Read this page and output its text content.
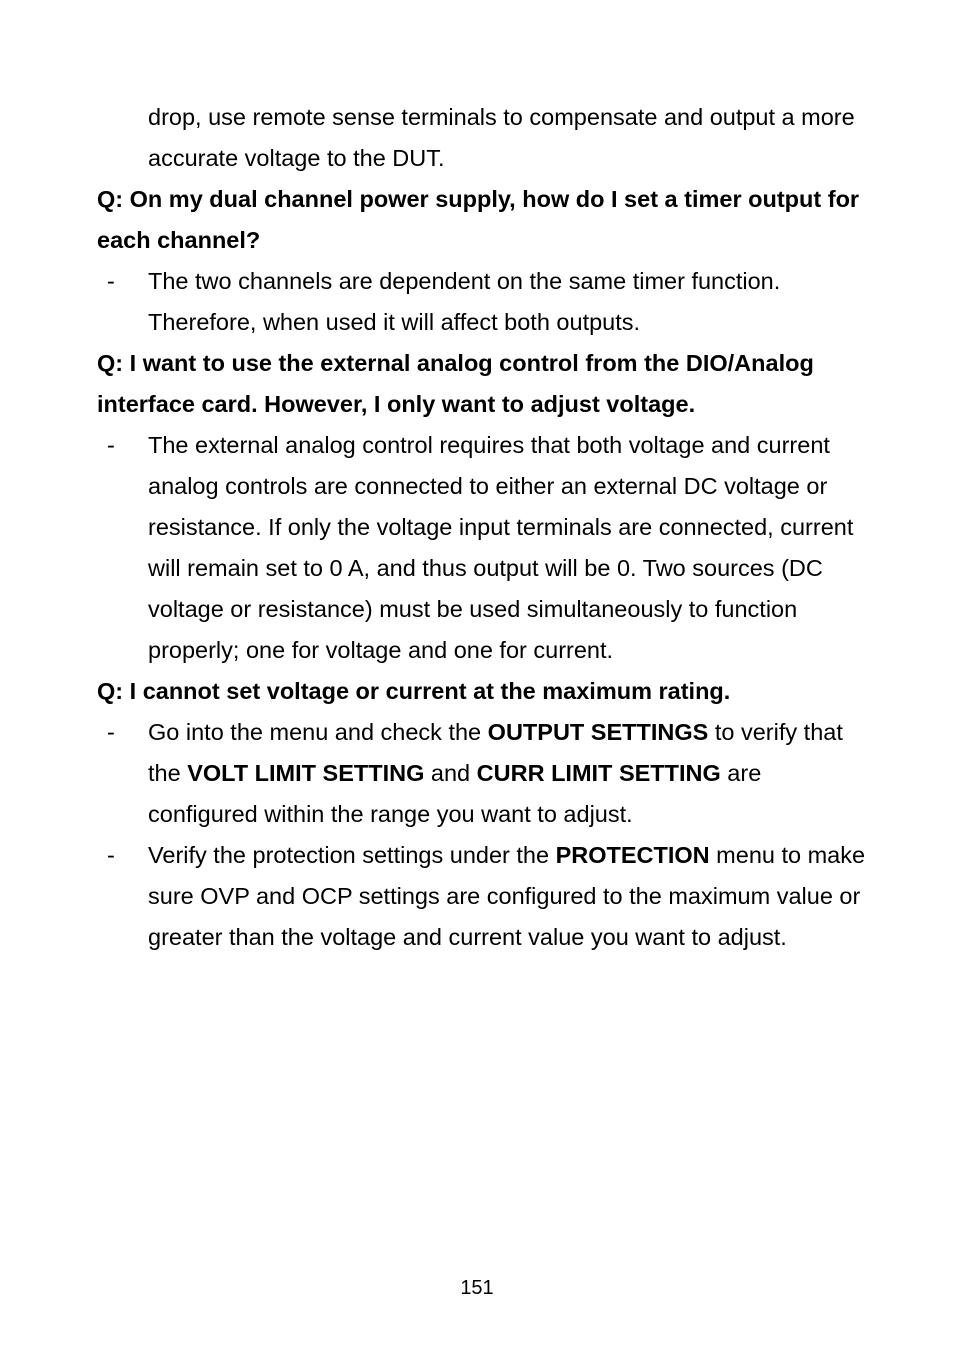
drop, use remote sense terminals to compensate and output a more accurate voltage to the DUT.
Q: On my dual channel power supply, how do I set a timer output for each channel?
- The two channels are dependent on the same timer function. Therefore, when used it will affect both outputs.
Q: I want to use the external analog control from the DIO/Analog interface card. However, I only want to adjust voltage.
- The external analog control requires that both voltage and current analog controls are connected to either an external DC voltage or resistance. If only the voltage input terminals are connected, current will remain set to 0 A, and thus output will be 0. Two sources (DC voltage or resistance) must be used simultaneously to function properly; one for voltage and one for current.
Q: I cannot set voltage or current at the maximum rating.
- Go into the menu and check the OUTPUT SETTINGS to verify that the VOLT LIMIT SETTING and CURR LIMIT SETTING are configured within the range you want to adjust.
- Verify the protection settings under the PROTECTION menu to make sure OVP and OCP settings are configured to the maximum value or greater than the voltage and current value you want to adjust.
151
